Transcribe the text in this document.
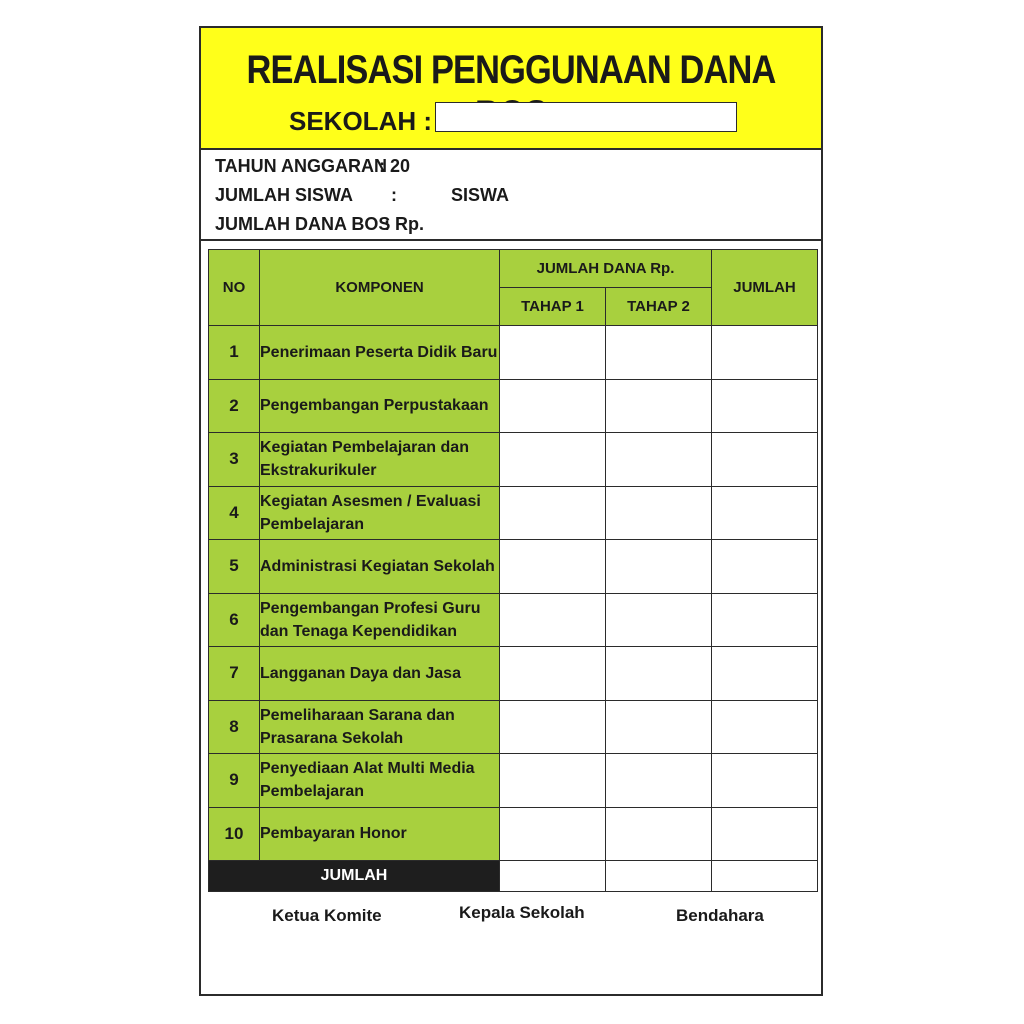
REALISASI PENGGUNAAN DANA
SEKOLAH :
TAHUN ANGGARAN
: 20
JUMLAH SISWA :	SISWA
JUMLAH DANA BOS
: Rp.
NO	KOMPONEN	JUMLAH DANA Rp.		JUMLAH
		TAHAP 1	TAHAP 2	
1	Penerimaan Peserta Didik Baru			

2	Pengembangan Perpustakaan			

3	Kegiatan Pembelajaran dan
Ekstrakurikuler			

4	Kegiatan Asesmen / Evaluasi
Pembelajaran			

5	Administrasi Kegiatan Sekolah			

6	Pengembangan Profesi Guru
dan Tenaga Kependidikan			

7	Langganan Daya dan Jasa			

8	Pemeliharaan Sarana dan
Prasarana Sekolah			

9	Penyediaan Alat Multi Media
Pembelajaran			

10	Pembayaran Honor			

JUMLAH				
Ketua Komite	Kepala Sekolah	Bendahara
